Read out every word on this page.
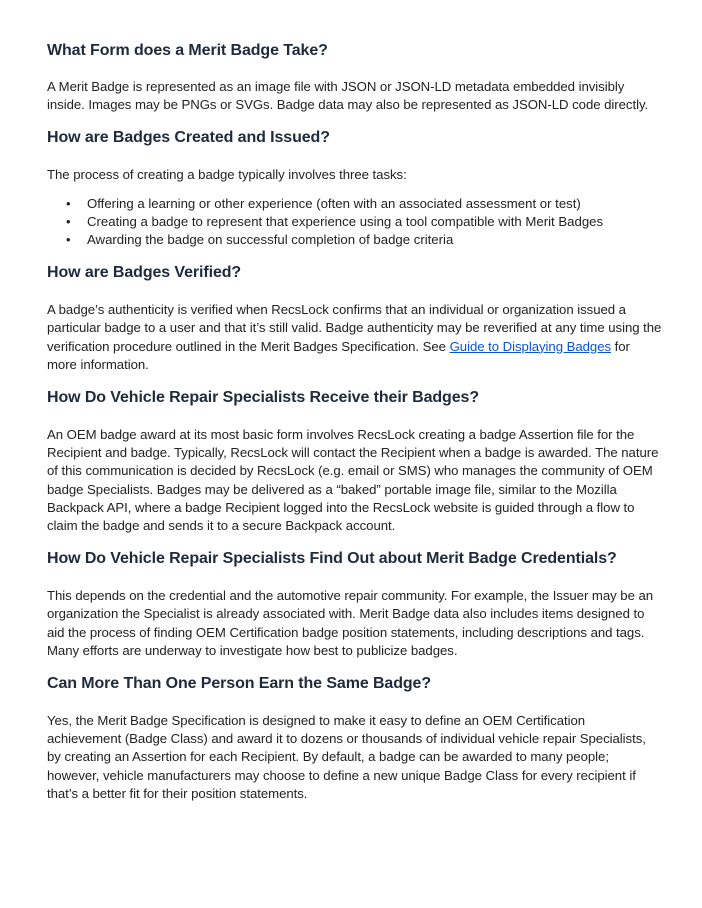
What Form does a Merit Badge Take?

A Merit Badge is represented as an image file with JSON or JSON-LD metadata embedded invisibly inside. Images may be PNGs or SVGs. Badge data may also be represented as JSON-LD code directly.

How are Badges Created and Issued?

The process of creating a badge typically involves three tasks:

• Offering a learning or other experience (often with an associated assessment or test)
• Creating a badge to represent that experience using a tool compatible with Merit Badges
• Awarding the badge on successful completion of badge criteria
How are Badges Verified?

A badge’s authenticity is verified when RecsLock confirms that an individual or organization issued a particular badge to a user and that it’s still valid. Badge authenticity may be reverified at any time using the verification procedure outlined in the Merit Badges Specification. See Guide to Displaying Badges for more information.

How Do Vehicle Repair Specialists Receive their Badges?

An OEM badge award at its most basic form involves RecsLock creating a badge Assertion file for the Recipient and badge. Typically, RecsLock will contact the Recipient when a badge is awarded. The nature of this communication is decided by RecsLock (e.g. email or SMS) who manages the community of OEM badge Specialists. Badges may be delivered as a “baked” portable image file, similar to the Mozilla Backpack API, where a badge Recipient logged into the RecsLock website is guided through a flow to claim the badge and sends it to a secure Backpack account.

How Do Vehicle Repair Specialists Find Out about Merit Badge Credentials?

This depends on the credential and the automotive repair community. For example, the Issuer may be an organization the Specialist is already associated with. Merit Badge data also includes items designed to aid the process of finding OEM Certification badge position statements, including descriptions and tags. Many efforts are underway to investigate how best to publicize badges.

Can More Than One Person Earn the Same Badge?

Yes, the Merit Badge Specification is designed to make it easy to define an OEM Certification achievement (Badge Class) and award it to dozens or thousands of individual vehicle repair Specialists, by creating an Assertion for each Recipient. By default, a badge can be awarded to many people; however, vehicle manufacturers may choose to define a new unique Badge Class for every recipient if that’s a better fit for their position statements.
